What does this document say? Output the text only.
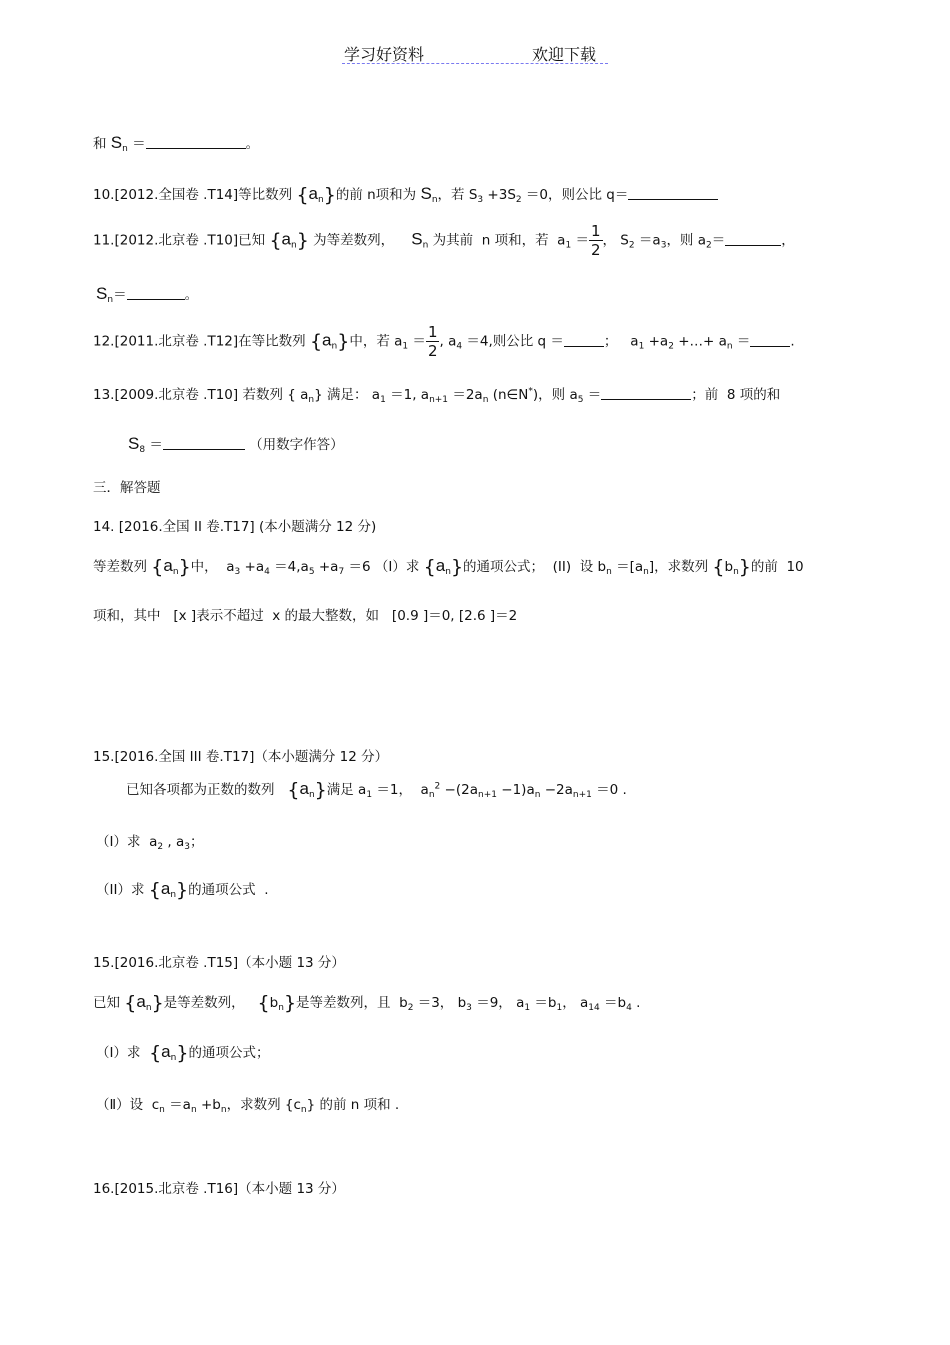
学习好资料	欢迎下载
和 $S_n$ ＝	。
10.[2012.全国卷 .T14]等比数列 $\{a_n\}$的前 n项和为 $S_n$，若 $S_3 +3S_2 =0$，则公比 q＝
11.[2012.北京卷 .T10]已知 $\{a_n\}$ 为等差数列，    $S_n$ 为其前  n 项和，若  $a_1 = \frac{1}{2}$ ， $S_2 =a_3$，则 $a_2=$	，
$S_n=$	。
12.[2011.北京卷 .T12]在等比数列 $\{a_n\}$中，若 $a_1 = \frac{1}{2}$ , $a_4 =4$,则公比 q ＝	；   $a_1 +a_2$ +…+ $a_n$ ＝	.
13.[2009.北京卷 .T10] 若数列 { $a_n$} 满足： $a_1 =1$, $a_{n+1} =2a_n$ (n∈N*)，则 $a_5$ ＝	；前  8 项的和
$S_8$ ＝	（用数字作答）
三．解答题
14. [2016.全国 II 卷.T17] (本小题满分 12 分)
等差数列 $\{a_n\}$中，  $a_3 +a_4 =4,a_5 +a_7 =6$ （I）求 $\{a_n\}$的通项公式；  (II)  设 $b_n =[a_n]$，求数列 $\{b_n\}$的前  10
项和，其中   [x ]表示不超过  x 的最大整数，如   [0.9 ]＝0, [2.6 ]＝2
15.[2016.全国 III 卷.T17]（本小题满分 12 分）
已知各项都为正数的数列   $\{a_n\}$满足 $a_1 =1$，  $a_n^2 -(2a_{n+1} -1)a_n -2a_{n+1} =0$ .
（I）求  $a_2$ , $a_3$；
（II）求 $\{a_n\}$的通项公式  .
15.[2016.北京卷 .T15]（本小题 13 分）
已知 $\{a_n\}$是等差数列，   $\{b_n\}$是等差数列，且  $b_2 =3$， $b_3 =9$， $a_1 =b_1$， $a_{14} =b_4$ .
（Ⅰ）求  $\{a_n\}$的通项公式；
（Ⅱ）设  $c_n =a_n +b_n$，求数列 $\{c_n\}$ 的前 n 项和 .
16.[2015.北京卷 .T16]（本小题 13 分）
